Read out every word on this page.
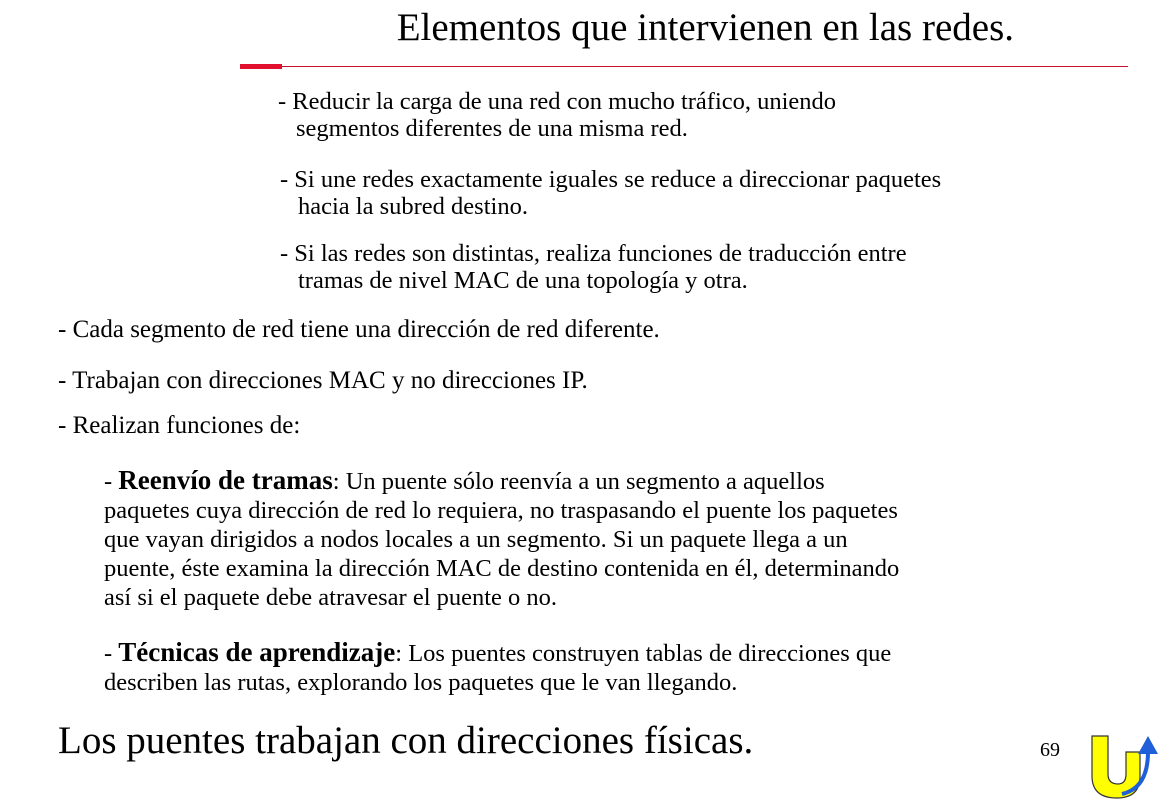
Elementos que intervienen en las redes.

- Reducir la carga de una red con mucho tráfico, uniendo
segmentos diferentes de una misma red.

- Si une redes exactamente iguales se reduce a direccionar paquetes
hacia la subred destino.

- Si las redes son distintas, realiza funciones de traducción entre
tramas de nivel MAC de una topología y otra.

- Cada segmento de red tiene una dirección de red diferente.

- Trabajan con direcciones MAC y no direcciones IP.

- Realizan funciones de:

- Reenvío de tramas: Un puente sólo reenvía a un segmento a aquellos
paquetes cuya dirección de red lo requiera, no traspasando el puente los paquetes
que vayan dirigidos a nodos locales a un segmento. Si un paquete llega a un
puente, éste examina la dirección MAC de destino contenida en él, determinando
así si el paquete debe atravesar el puente o no.
- Técnicas de aprendizaje: Los puentes construyen tablas de direcciones que
describen las rutas, explorando los paquetes que le van llegando.

Los puentes trabajan con direcciones físicas.	69
